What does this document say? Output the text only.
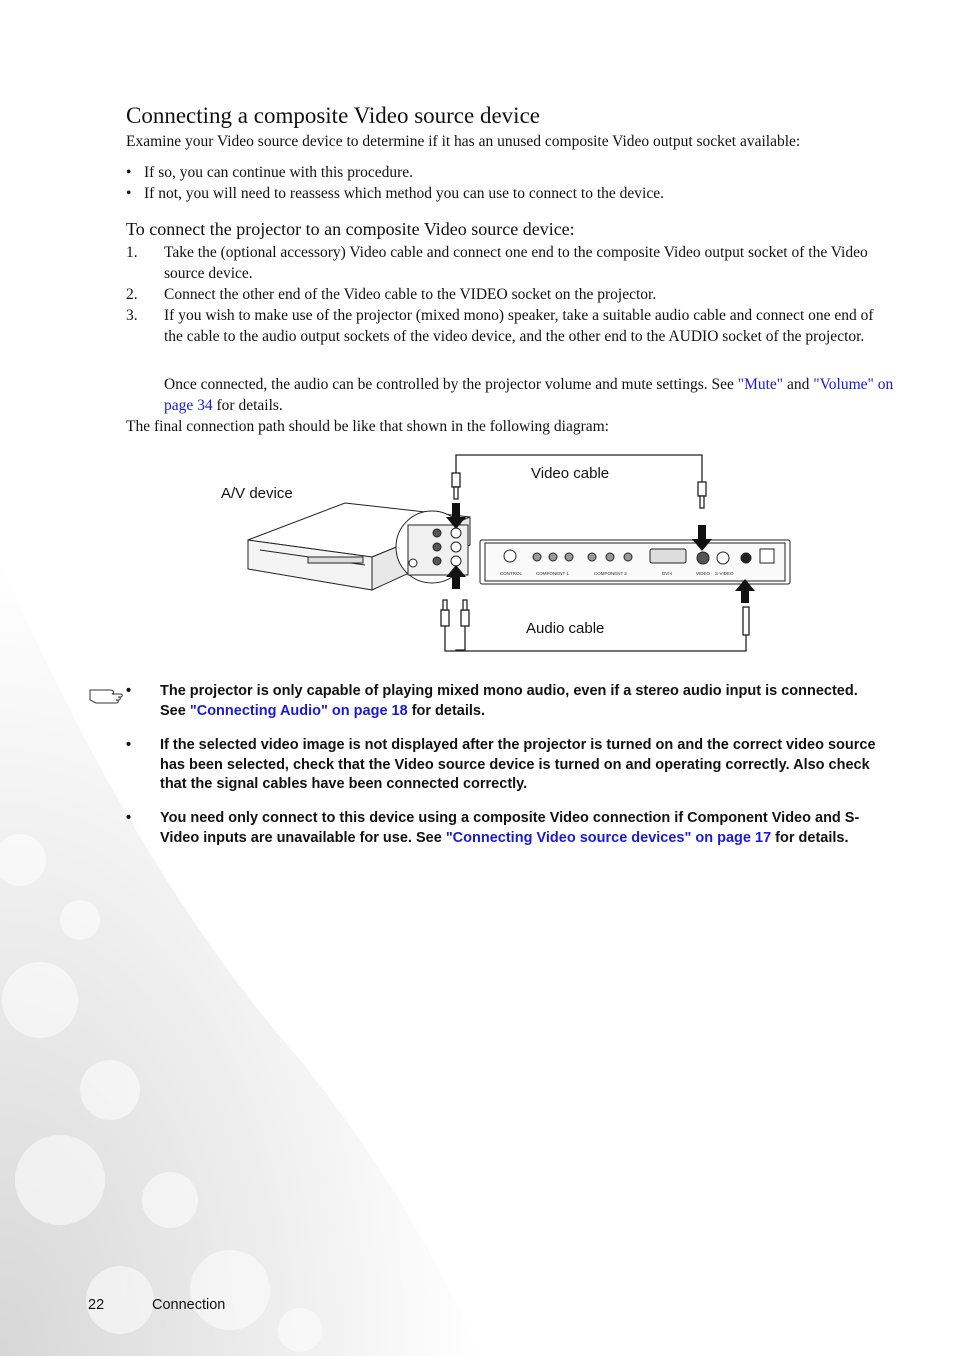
Connecting a composite Video source device
Examine your Video source device to determine if it has an unused composite Video output socket available:
• If so, you can continue with this procedure.
• If not, you will need to reassess which method you can use to connect to the device.
To connect the projector to an composite Video source device:
1. Take the (optional accessory) Video cable and connect one end to the composite Video output socket of the Video source device.
2. Connect the other end of the Video cable to the VIDEO socket on the projector.
3. If you wish to make use of the projector (mixed mono) speaker, take a suitable audio cable and connect one end of the cable to the audio output sockets of the video device, and the other end to the AUDIO socket of the projector.
Once connected, the audio can be controlled by the projector volume and mute settings. See "Mute" and "Volume" on page 34 for details.
The final connection path should be like that shown in the following diagram:
CONTROL	COMPONENT 1	COMPONENT 2	DVI-I	VIDEO S-VIDEO
A/V device
Video cable
Audio cable
• The projector is only capable of playing mixed mono audio, even if a stereo audio input is connected. See "Connecting Audio" on page 18 for details.
• If the selected video image is not displayed after the projector is turned on and the correct video source has been selected, check that the Video source device is turned on and operating correctly. Also check that the signal cables have been connected correctly.
• You need only connect to this device using a composite Video connection if Component Video and S-Video inputs are unavailable for use. See "Connecting Video source devices" on page 17 for details.
22	Connection
